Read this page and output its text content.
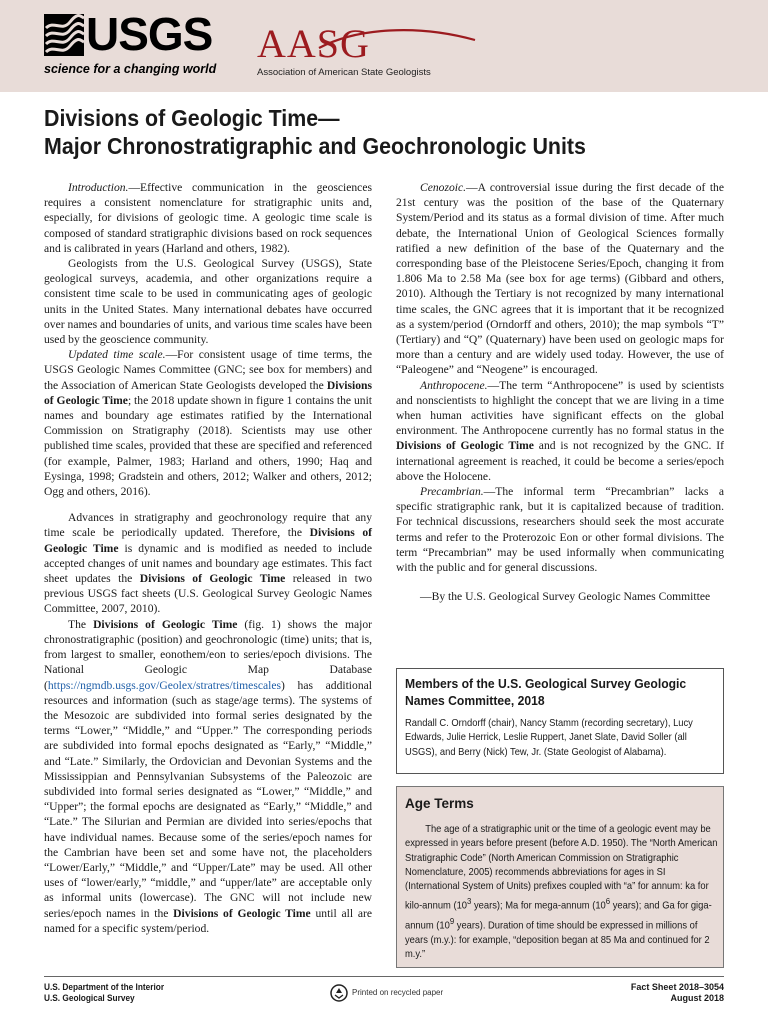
USGS
science for a changing world
AASG
Association of American State Geologists
Divisions of Geologic Time—
Major Chronostratigraphic and Geochronologic Units

Introduction.—Effective communication in the geosciences requires a consistent nomenclature for stratigraphic units and, especially, for divisions of geologic time. A geologic time scale is composed of standard stratigraphic divisions based on rock sequences and is calibrated in years (Harland and others, 1982).

Geologists from the U.S. Geological Survey (USGS), State geological surveys, academia, and other organizations require a consistent time scale to be used in communicating ages of geologic units in the United States. Many international debates have occurred over names and boundaries of units, and various time scales have been used by the geoscience community.

Updated time scale.—For consistent usage of time terms, the USGS Geologic Names Committee (GNC; see box for members) and the Association of American State Geologists developed the Divisions of Geologic Time; the 2018 update shown in figure 1 contains the unit names and boundary age estimates ratified by the International Commission on Stratigraphy (2018). Scientists may use other published time scales, provided that these are specified and referenced (for example, Palmer, 1983; Harland and others, 1990; Haq and Eysinga, 1998; Gradstein and others, 2012; Walker and others, 2012; Ogg and others, 2016).

Advances in stratigraphy and geochronology require that any time scale be periodically updated. Therefore, the Divisions of Geologic Time is dynamic and is modified as needed to include accepted changes of unit names and boundary age estimates. This fact sheet updates the Divisions of Geologic Time released in two previous USGS fact sheets (U.S. Geological Survey Geologic Names Committee, 2007, 2010).

The Divisions of Geologic Time (fig. 1) shows the major chronostratigraphic (position) and geochronologic (time) units; that is, from largest to smaller, eonothem/eon to series/epoch divisions. The National Geologic Map Database (https://ngmdb.usgs.gov/Geolex/stratres/timescales) has additional resources and information (such as stage/age terms). The systems of the Mesozoic are subdivided into formal series designated by the terms “Lower,” “Middle,” and “Upper.” The corresponding periods are subdivided into formal epochs designated as “Early,” “Middle,” and “Late.” Similarly, the Ordovician and Devonian Systems and the Mississippian and Pennsylvanian Subsystems of the Paleozoic are subdivided into formal series designated as “Lower,” “Middle,” and “Upper”; the formal epochs are designated as “Early,” “Middle,” and “Late.” The Silurian and Permian are divided into series/epochs that have individual names. Because some of the series/epoch names for the Cambrian have been set and some have not, the placeholders “Lower/Early,” “Middle,” and “Upper/Late” may be used. All other uses of “lower/early,” “middle,” and “upper/late” are acceptable only as informal units (lowercase). The GNC will not include new series/epoch names in the Divisions of Geologic Time until all are named for a specific system/period.

Cenozoic.—A controversial issue during the first decade of the 21st century was the position of the base of the Quaternary System/Period and its status as a formal division of time. After much debate, the International Union of Geological Sciences formally ratified a new definition of the base of the Quaternary and the corresponding base of the Pleistocene Series/Epoch, changing it from 1.806 Ma to 2.58 Ma (see box for age terms) (Gibbard and others, 2010). Although the Tertiary is not recognized by many international time scales, the GNC agrees that it is important that it be recognized as a system/period (Orndorff and others, 2010); the map symbols “T” (Tertiary) and “Q” (Quaternary) have been used on geologic maps for more than a century and are widely used today. However, the use of “Paleogene” and “Neogene” is encouraged.

Anthropocene.—The term “Anthropocene” is used by scientists and nonscientists to highlight the concept that we are living in a time when human activities have significant effects on the global environment. The Anthropocene currently has no formal status in the Divisions of Geologic Time and is not recognized by the GNC. If international agreement is reached, it could be become a series/epoch above the Holocene.

Precambrian.—The informal term “Precambrian” lacks a specific stratigraphic rank, but it is capitalized because of tradition. For technical discussions, researchers should seek the most accurate terms and refer to the Proterozoic Eon or other formal divisions. The term “Precambrian” may be used informally when communicating with the public and for general discussions.

—By the U.S. Geological Survey Geologic Names Committee

Members of the U.S. Geological Survey Geologic Names Committee, 2018
Randall C. Orndorff (chair), Nancy Stamm (recording secretary), Lucy Edwards, Julie Herrick, Leslie Ruppert, Janet Slate, David Soller (all USGS), and Berry (Nick) Tew, Jr. (State Geologist of Alabama).
Age Terms
The age of a stratigraphic unit or the time of a geologic event may be expressed in years before present (before A.D. 1950). The “North American Stratigraphic Code” (North American Commission on Stratigraphic Nomenclature, 2005) recommends abbreviations for ages in SI (International System of Units) prefixes coupled with “a” for annum: ka for kilo-annum ($10^3$ years); Ma for mega-annum ($10^6$ years); and Ga for giga-annum ($10^9$ years). Duration of time should be expressed in millions of years (m.y.): for example, “deposition began at 85 Ma and continued for 2 m.y.”
U.S. Department of the Interior
U.S. Geological Survey
Printed on recycled paper
Fact Sheet 2018–3054
August 2018
